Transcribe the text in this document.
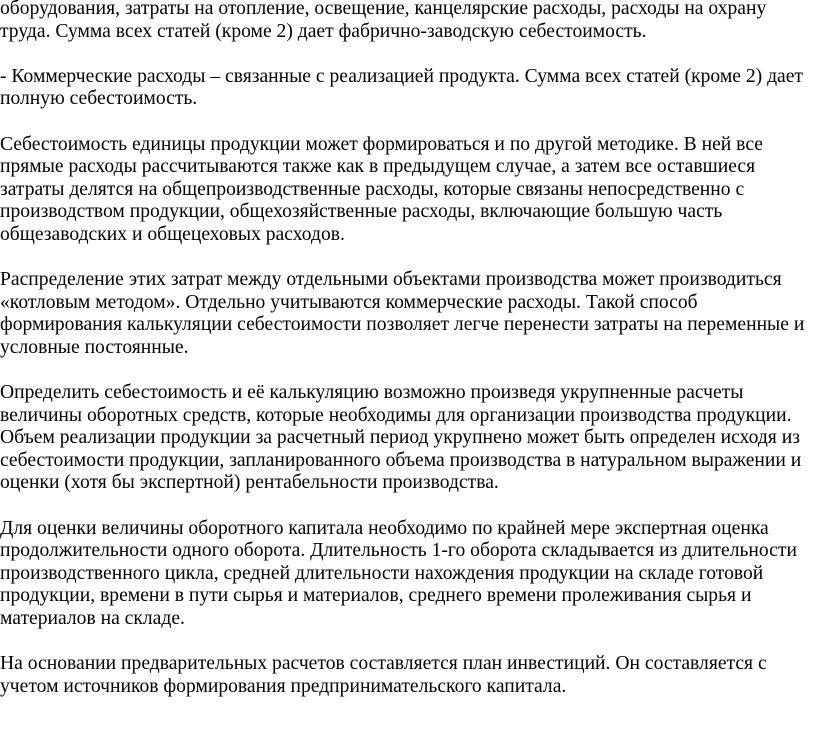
оборудования, затраты на отопление, освещение, канцелярские расходы, расходы на охрану
труда. Сумма всех статей (кроме 2) дает фабрично-заводскую себестоимость.

- Коммерческие расходы – связанные с реализацией продукта. Сумма всех статей (кроме 2) дает
полную себестоимость.

Себестоимость единицы продукции может формироваться и по другой методике. В ней все
прямые расходы рассчитываются также как в предыдущем случае, а затем все оставшиеся
затраты делятся на общепроизводственные расходы, которые связаны непосредственно с
производством продукции, общехозяйственные расходы, включающие большую часть
общезаводских и общецеховых расходов.

Распределение этих затрат между отдельными объектами производства может производиться
«котловым методом». Отдельно учитываются коммерческие расходы. Такой способ
формирования калькуляции себестоимости позволяет легче перенести затраты на переменные и
условные постоянные.

Определить себестоимость и её калькуляцию возможно произведя укрупненные расчеты
величины оборотных средств, которые необходимы для организации производства продукции.
Объем реализации продукции за расчетный период укрупнено может быть определен исходя из
себестоимости продукции, запланированного объема производства в натуральном выражении и
оценки (хотя бы экспертной) рентабельности производства.

Для оценки величины оборотного капитала необходимо по крайней мере экспертная оценка
продолжительности одного оборота. Длительность 1-го оборота складывается из длительности
производственного цикла, средней длительности нахождения продукции на складе готовой
продукции, времени в пути сырья и материалов, среднего времени пролеживания сырья и
материалов на складе.

На основании предварительных расчетов составляется план инвестиций. Он составляется с
учетом источников формирования предпринимательского капитала.
